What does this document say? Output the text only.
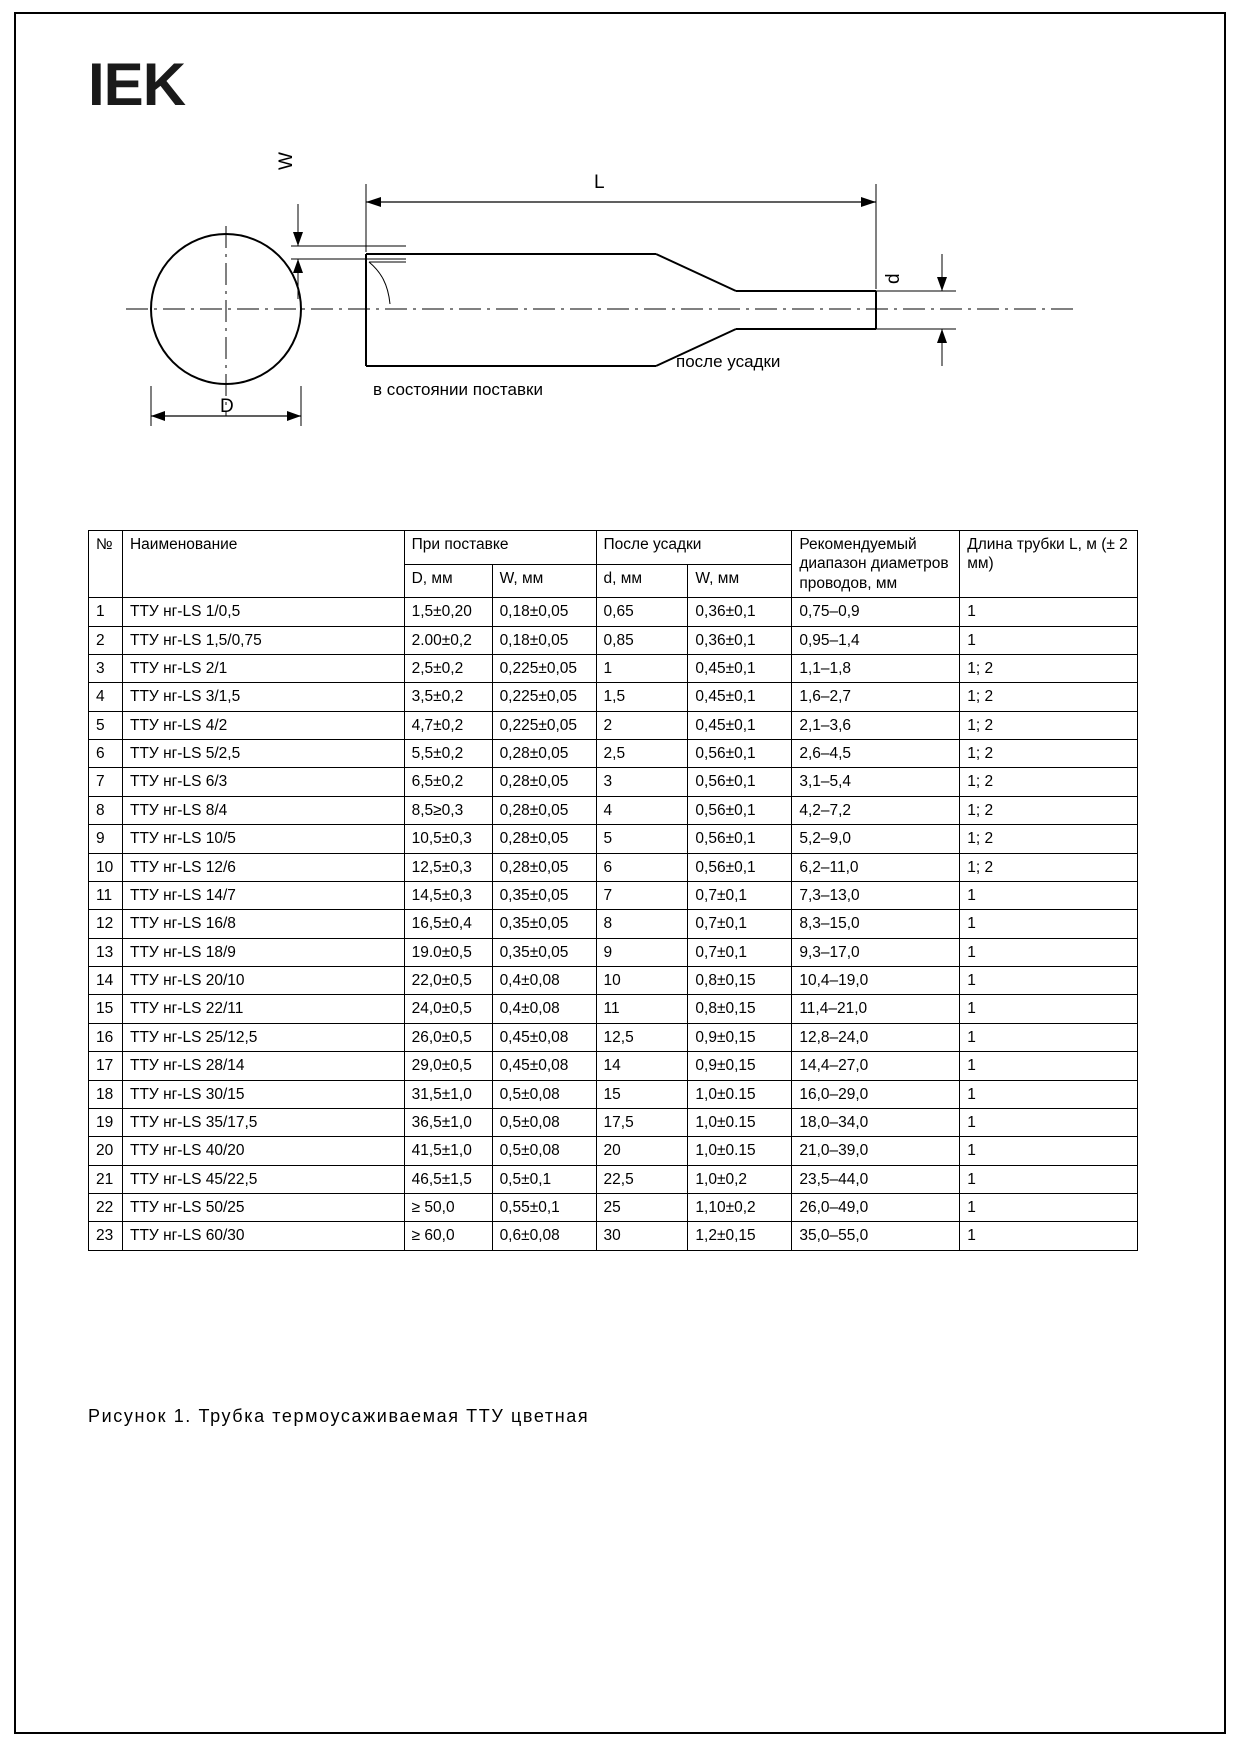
IEK
D
L
W
d
в состоянии поставки
после усадки
№	Наименование	При поставке		После усадки		Рекомендуемый диапазон диаметров проводов, мм	Длина трубки L, м (± 2 мм)
		D, мм	W, мм	d, мм	W, мм		
1	ТТУ нг-LS 1/0,5	1,5±0,20	0,18±0,05	0,65	0,36±0,1	0,75–0,9	1
2	ТТУ нг-LS 1,5/0,75	2.00±0,2	0,18±0,05	0,85	0,36±0,1	0,95–1,4	1
3	ТТУ нг-LS 2/1	2,5±0,2	0,225±0,05	1	0,45±0,1	1,1–1,8	1; 2
4	ТТУ нг-LS 3/1,5	3,5±0,2	0,225±0,05	1,5	0,45±0,1	1,6–2,7	1; 2
5	ТТУ нг-LS 4/2	4,7±0,2	0,225±0,05	2	0,45±0,1	2,1–3,6	1; 2
6	ТТУ нг-LS 5/2,5	5,5±0,2	0,28±0,05	2,5	0,56±0,1	2,6–4,5	1; 2
7	ТТУ нг-LS 6/3	6,5±0,2	0,28±0,05	3	0,56±0,1	3,1–5,4	1; 2
8	ТТУ нг-LS 8/4	8,5≥0,3	0,28±0,05	4	0,56±0,1	4,2–7,2	1; 2
9	ТТУ нг-LS 10/5	10,5±0,3	0,28±0,05	5	0,56±0,1	5,2–9,0	1; 2
10	ТТУ нг-LS 12/6	12,5±0,3	0,28±0,05	6	0,56±0,1	6,2–11,0	1; 2
11	ТТУ нг-LS 14/7	14,5±0,3	0,35±0,05	7	0,7±0,1	7,3–13,0	1
12	ТТУ нг-LS 16/8	16,5±0,4	0,35±0,05	8	0,7±0,1	8,3–15,0	1
13	ТТУ нг-LS 18/9	19.0±0,5	0,35±0,05	9	0,7±0,1	9,3–17,0	1
14	ТТУ нг-LS 20/10	22,0±0,5	0,4±0,08	10	0,8±0,15	10,4–19,0	1
15	ТТУ нг-LS 22/11	24,0±0,5	0,4±0,08	11	0,8±0,15	11,4–21,0	1
16	ТТУ нг-LS 25/12,5	26,0±0,5	0,45±0,08	12,5	0,9±0,15	12,8–24,0	1
17	ТТУ нг-LS 28/14	29,0±0,5	0,45±0,08	14	0,9±0,15	14,4–27,0	1
18	ТТУ нг-LS 30/15	31,5±1,0	0,5±0,08	15	1,0±0.15	16,0–29,0	1
19	ТТУ нг-LS 35/17,5	36,5±1,0	0,5±0,08	17,5	1,0±0.15	18,0–34,0	1
20	ТТУ нг-LS 40/20	41,5±1,0	0,5±0,08	20	1,0±0.15	21,0–39,0	1
21	ТТУ нг-LS 45/22,5	46,5±1,5	0,5±0,1	22,5	1,0±0,2	23,5–44,0	1
22	ТТУ нг-LS 50/25	≥ 50,0	0,55±0,1	25	1,10±0,2	26,0–49,0	1
23	ТТУ нг-LS 60/30	≥ 60,0	0,6±0,08	30	1,2±0,15	35,0–55,0	1
Рисунок 1. Трубка термоусаживаемая ТТУ цветная
